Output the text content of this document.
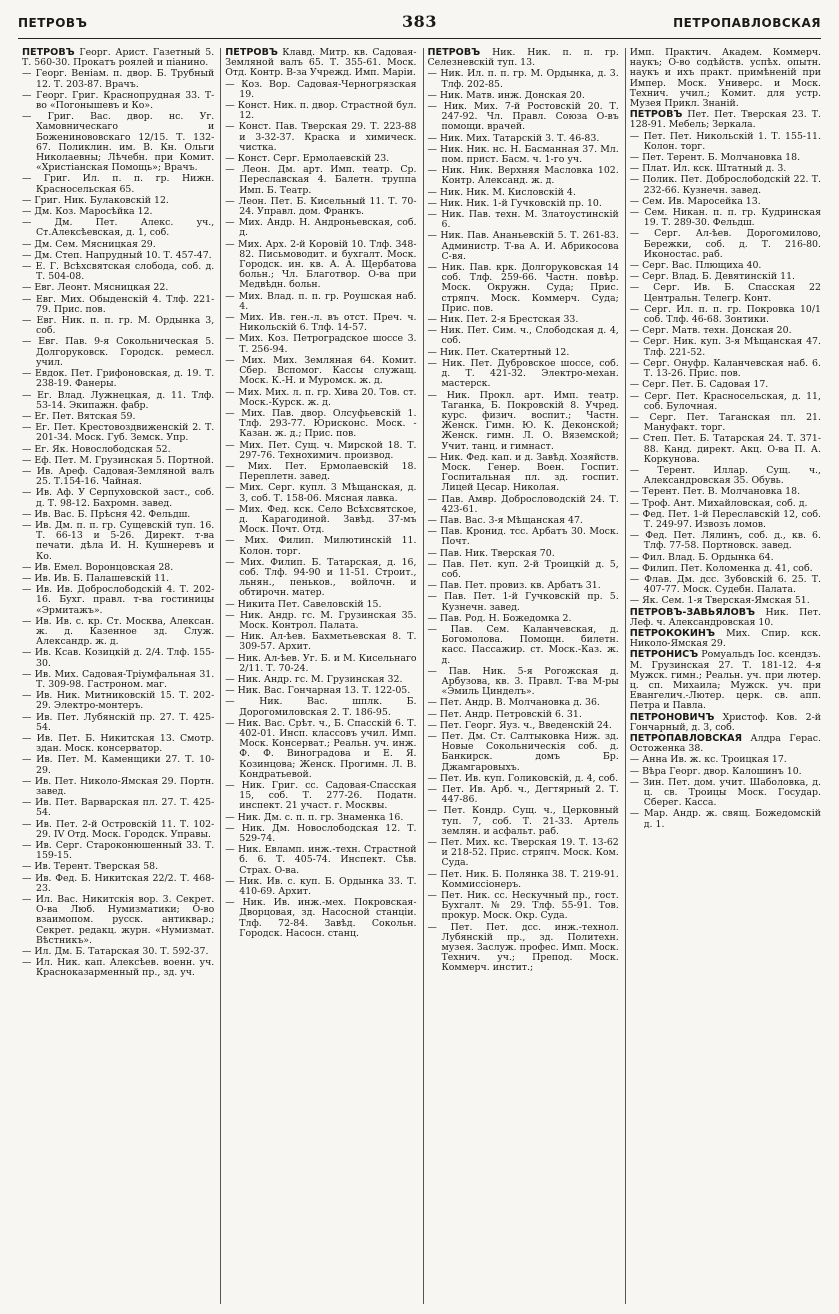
ПЕТРОВЪ	383	ПЕТРОПАВЛОВСКАЯ

ПЕТРОВЪ Георг. Арист. Газетный 5. Т. 560-30. Прокатъ роялей и піанино.

— Георг. Веніам. п. двор. Б. Трубный 12. Т. 203-87. Врачъ.

— Георг. Григ. Краснопрудная 33. Т-во «Погонышевъ и Ко».

— Григ. Вас. двор. нс. Уг. Хамовническаго и Боженинововскаго 12/15. Т. 132-67. Поликлин. им. В. Кн. Ольги Николаевны; Лѣчебн. при Комит. «Христіанская Помощь»; Врачъ.

— Григ. Ил. п. п. гр. Нижн. Красносельская 65.

— Григ. Ник. Булаковскій 12.

— Дм. Коз. Маросѣйка 12.

— Дм. Пет. Алекс. уч., Ст.Алексѣевская, д. 1, соб.

— Дм. Сем. Мясницкая 29.

— Дм. Степ. Напрудный 10. Т. 457-47.

— Е. Г. Всѣхсвятская слобода, соб. д. Т. 504-08.

— Евг. Леонт. Мясницкая 22.

— Евг. Мих. Обыденскій 4. Тлф. 221-79. Прис. пов.

— Евг. Ник. п. п. гр. М. Ордынка 3, соб.

— Евг. Пав. 9-я Сокольническая 5. Долгоруковск. Городск. ремесл. учил.

— Евдок. Пет. Грифоновская, д. 19. Т. 238-19. Фанеры.

— Ег. Влад. Лужнецкая, д. 11. Тлф. 53-14. Экипажн. фабр.

— Ег. Пет. Вятская 59.

— Ег. Пет. Крестовоздвиженскій 2. Т. 201-34. Моск. Губ. Земск. Упр.

— Ег. Як. Новослободская 52.

— Еф. Пет. М. Грузинская 5. Портной.

— Ив. Ареф. Садовая-Земляной валъ 25. Т.154-16. Чайная.

— Ив. Аф. У Серпуховской заст., соб. д. Т. 98-12. Бахромн. завед.

— Ив. Вас. Б. Прѣсня 42. Фельдш.

— Ив. Дм. п. п. гр. Сущевскій туп. 16. Т. 66-13 и 5-26. Директ. т-ва печати. дѣла И. Н. Кушнеревъ и Ко.

— Ив. Емел. Воронцовская 28.

— Ив. Ив. Б. Палашевскій 11.

— Ив. Ив. Доброслободскій 4. Т. 202-16. Бухг. правл. т-ва гостиницы «Эрмитажъ».

— Ив. Ив. с. кр. Ст. Москва, Алексан. ж. д. Казенное зд. Служ. Александр. ж. д.

— Ив. Ксав. Козицкій д. 2/4. Тлф. 155-30.

— Ив. Мих. Садовая-Тріумфальная 31. Т. 309-98. Гастроном. маг.

— Ив. Ник. Митниковскій 15. Т. 202-29. Электро-монтеръ.

— Ив. Пет. Лубянскій пр. 27. Т. 425-54.

— Ив. Пет. Б. Никитская 13. Смотр. здан. Моск. консерватор.

— Ив. Пет. М. Каменщики 27. Т. 10-29.

— Ив. Пет. Николо-Ямская 29. Портн. завед.

— Ив. Пет. Варварская пл. 27. Т. 425-54.

— Ив. Пет. 2-й Островскій 11. Т. 102-29. IV Отд. Моск. Городск. Управы.

— Ив. Серг. Староконюшенный 33. Т. 159-15.

— Ив. Терент. Тверская 58.

— Ив. Фед. Б. Никитская 22/2. Т. 468-23.

— Ил. Вас. Никитскія вор. 3. Секрет. О-ва Люб. Нумизматики; О-во взаимопом. русск. антиквар.; Секрет. редакц. журн. «Нумизмат. Вѣстникъ».

— Ил. Дм. Б. Татарская 30. Т. 592-37.

— Ил. Ник. кап. Алексѣев. военн. уч. Красноказарменный пр., зд. уч.

ПЕТРОВЪ Клавд. Митр. кв. Садовая-Земляной валъ 65. Т. 355-61. Моск. Отд. Контр. В-за Учрежд. Имп. Маріи.

— Коз. Вор. Садовая-Черногрязская 19.

— Конст. Ник. п. двор. Страстной бул. 12.

— Конст. Пав. Тверская 29. Т. 223-88 и 3-32-37. Краска и химическ. чистка.

— Конст. Серг. Ермолаевскій 23.

— Леон. Дм. арт. Имп. театр. Ср. Переславская 4. Балетн. труппа Имп. Б. Театр.

— Леон. Пет. Б. Кисельный 11. Т. 70-24. Управл. дом. Франкъ.

— Мих. Андр. Н. Андроньевская, соб. д.

— Мих. Арх. 2-й Коровій 10. Тлф. 348-82. Письмоводит. и бухгалт. Моск. Городск. ин. кв. А. А. Щербатова больн.; Чл. Благотвор. О-ва при Медвѣдн. больн.

— Мих. Влад. п. п. гр. Роушская наб. 4.

— Мих. Ив. ген.-л. въ отст. Преч. ч. Никольскій 6. Тлф. 14-57.

— Мих. Коз. Петроградское шоссе 3. Т. 256-94.

— Мих. Мих. Земляная 64. Комит. Сбер. Вспомог. Кассы служащ. Моск. К.-Н. и Муромск. ж. д.

— Мих. Мих. л. п. гр. Хива 20. Тов. ст. Моск.-Курск. ж. д.

— Мих. Пав. двор. Олсуфьевскій 1. Тлф. 293-77. Юрисконс. Моск. - Казан. ж. д.; Прис. пов.

— Мих. Пет. Сущ. ч. Мирской 18. Т. 297-76. Технохимич. производ.

— Мих. Пет. Ермолаевскій 18. Переплетн. завед.

— Мих. Серг. купл. 3 Мѣщанская, д. 3, соб. Т. 158-06. Мясная лавка.

— Мих. Фед. кск. Село Всѣхсвятское, д. Карагодиной. Завѣд. 37-мъ Моск. Почт. Отд.

— Мих. Филип. Милютинскій 11. Колон. торг.

— Мих. Филип. Б. Татарская, д. 16, соб. Тлф. 94-90 и 11-51. Строит., льнян., пеньков., войлочн. и обтирочн. матер.

— Никита Пет. Савеловскій 15.

— Ник. Андр. гс. М. Грузинская 35. Моск. Контрол. Палата.

— Ник. Ал-ѣев. Бахметьевская 8. Т. 309-57. Архит.

— Ник. Ал-ѣев. Уг. Б. и М. Кисельнаго 2/11. Т. 70-24.

— Ник. Андр. гс. М. Грузинская 32.

— Ник. Вас. Гончарная 13. Т. 122-05.

— Ник. Вас. шплк. Б. Дорогомиловская 2. Т. 186-95.

— Ник. Вас. Срѣт. ч., Б. Спасскій 6. Т. 402-01. Инсп. классовъ учил. Имп. Моск. Консерват.; Реальн. уч. инж. Ф. Ф. Виноградова и Е. Я. Козинцова; Женск. Прогимн. Л. В. Кондратьевой.

— Ник. Григ. сс. Садовая-Спасская 15, соб. Т. 277-26. Податн. инспект. 21 участ. г. Москвы.

— Ник. Дм. с. п. п. гр. Знаменка 16.

— Ник. Дм. Новослободская 12. Т. 529-74.

— Ник. Евламп. инж.-техн. Страстной б. 6. Т. 405-74. Инспект. Сѣв. Страх. О-ва.

— Ник. Ив. с. куп. Б. Ордынка 33. Т. 410-69. Архит.

— Ник. Ив. инж.-мех. Покровская-Дворцовая, зд. Насосной станціи. Тлф. 72-84. Завѣд. Сокольн. Городск. Насосн. станц.

ПЕТРОВЪ Ник. Ник. п. п. гр. Селезневскій туп. 13.

— Ник. Ил. п. п. гр. М. Ордынка, д. 3. Тлф. 202-85.

— Ник. Матв. инж. Донская 20.

— Ник. Мих. 7-й Ростовскій 20. Т. 247-92. Чл. Правл. Союза О-въ помощи. врачей.

— Ник. Мих. Татарскій 3. Т. 46-83.

— Ник. Ник. нс. Н. Басманная 37. Мл. пом. прист. Басм. ч. 1-го уч.

— Ник. Ник. Верхняя Масловка 102. Контр. Александ. ж. д.

— Ник. Ник. М. Кисловскій 4.

— Ник. Ник. 1-й Гучковскій пр. 10.

— Ник. Пав. техн. М. Златоустинскій 6.

— Ник. Пав. Ананьевскій 5. Т. 261-83. Администр. Т-ва А. И. Абрикосова С-вя.

— Ник. Пав. крк. Долгоруковская 14 соб. Тлф. 259-66. Частн. повѣр. Моск. Окружн. Суда; Прис. стряпч. Моск. Коммерч. Суда; Прис. пов.

— Ник. Пет. 2-я Брестская 33.

— Ник. Пет. Сим. ч., Слободская д. 4, соб.

— Ник. Пет. Скатертный 12.

— Ник. Пет. Дубровское шоссе, соб. д. Т. 421-32. Электро-механ. мастерск.

— Ник. Прокл. арт. Имп. театр. Таганка, Б. Покровскій 8. Учред. курс. физич. воспит.; Частн. Женск. Гимн. Ю. К. Деконской; Женск. гимн. Л. О. Вяземской; Учит. танц. и гимнаст.

— Ник. Фед. кап. и д. Завѣд. Хозяйств. Моск. Генер. Воен. Госпит. Госпитальная пл. зд. госпит. Лицей Цесар. Николая.

— Пав. Амвр. Добрословодскій 24. Т. 423-61.

— Пав. Вас. 3-я Мѣщанская 47.

— Пав. Кронид. тсс. Арбатъ 30. Моск. Почт.

— Пав. Ник. Тверская 70.

— Пав. Пет. куп. 2-й Троицкій д. 5, соб.

— Пав. Пет. провиз. кв. Арбатъ 31.

— Пав. Пет. 1-й Гучковскій пр. 5. Кузнечн. завед.

— Пав. Род. Н. Божедомка 2.

— Пав. Сем. Каланчевская, д. Богомолова. Помощн. билетн. касс. Пассажир. ст. Моск.-Каз. ж. д.

— Пав. Ник. 5-я Рогожская д. Арбузова, кв. 3. Правл. Т-ва М-ры «Эмиль Цинделъ».

— Пет. Андр. В. Молчановка д. 36.

— Пет. Андр. Петровскій 6. 31.

— Пет. Георг. Яуз. ч., Введенскій 24.

— Пет. Дм. Ст. Салтыковка Ниж. зд. Новые Сокольническія соб. д. Банкирск. домъ Бр. Джамгаровыхъ.

— Пет. Ив. куп. Голиковскій, д. 4, соб.

— Пет. Ив. Арб. ч., Дегтярный 2. Т. 447-86.

— Пет. Кондр. Сущ. ч., Церковный туп. 7, соб. Т. 21-33. Артель землян. и асфальт. раб.

— Пет. Мих. кс. Тверская 19. Т. 13-62 и 218-52. Прис. стряпч. Моск. Ком. Суда.

— Пет. Ник. Б. Полянка 38. Т. 219-91. Коммиссіонеръ.

— Пет. Ник. сс. Нескучный пр., гост. Бухгалт. № 29. Тлф. 55-91. Тов. прокур. Моск. Окр. Суда.

— Пет. Пет. дсс. инж.-технол. Лубянскій пр., зд. Политехн. музея. Заслуж. профес. Имп. Моск. Технич. уч.; Препод. Моск. Коммерч. инстит.;

Имп. Практич. Академ. Коммерч. наукъ; О-во содѣйств. успѣх. опытн. наукъ и ихъ практ. примѣненій при Импер. Моск. Универс. и Моск. Технич. учил.; Комит. для устр. Музея Прикл. Знаній.

ПЕТРОВЪ Пет. Пет. Тверская 23. Т. 128-91. Мебель; Зеркала.

— Пет. Пет. Никольскій 1. Т. 155-11. Колон. торг.

— Пет. Терент. Б. Молчановка 18.

— Плат. Ил. кск. Штатный д. 3.

— Полик. Пет. Доброслободскій 22. Т. 232-66. Кузнечн. завед.

— Сем. Ив. Маросейка 13.

— Сем. Никан. п. п. гр. Кудринская 19. Т. 289-30. Фельдш.

— Серг. Ал-ѣев. Дорогомилово, Бережки, соб. д. Т. 216-80. Иконостас. раб.

— Серг. Вас. Плющиха 40.

— Серг. Влад. Б. Девятинскій 11.

— Серг. Ив. Б. Спасская 22 Центральн. Телегр. Конт.

— Серг. Ил. п. п. гр. Покровка 10/1 соб. Тлф. 46-68. Зонтики.

— Серг. Матв. техн. Донская 20.

— Серг. Ник. куп. 3-я Мѣщанская 47. Тлф. 221-52.

— Серг. Онуфр. Каланчевская наб. 6. Т. 13-26. Прис. пов.

— Серг. Пет. Б. Садовая 17.

— Серг. Пет. Красносельская, д. 11, соб. Булочная.

— Серг. Пет. Таганская пл. 21. Мануфакт. торг.

— Степ. Пет. Б. Татарская 24. Т. 371-88. Канд. директ. Акц. О-ва П. А. Коркунова.

— Терент. Иллар. Сущ. ч., Александровская 35. Обувь.

— Терент. Пет. В. Молчановка 18.

— Троф. Ант. Михайловская, соб. д.

— Фед. Пет. 1-й Переславскій 12, соб. Т. 249-97. Извозъ ломов.

— Фед. Пет. Лялинъ, соб. д., кв. 6. Тлф. 77-58. Портновск. завед.

— Фил. Влад. Б. Ордынка 64.

— Филип. Пет. Коломенка д. 41, соб.

— Флав. Дм. дсс. Зубовскій 6. 25. Т. 407-77. Моск. Судебн. Палата.

— Як. Сем. 1-я Тверская-Ямская 51.

ПЕТРОВЪ-ЗАВЬЯЛОВЪ Ник. Пет. Леф. ч. Александровская 10.

ПЕТРОКОКИНЪ Мих. Спир. кск. Николо-Ямская 29.

ПЕТРОНИСЪ Ромуальдъ Іос. ксендзъ. М. Грузинская 27. Т. 181-12. 4-я Мужск. гимн.; Реальн. уч. при лютер. ц. сп. Михаила; Мужск. уч. при Евангелич.-Лютер. церк. св. апп. Петра и Павла.

ПЕТРОНОВИЧЪ Христоф. Ков. 2-й Гончарный, д. 3, соб.

ПЕТРОПАВЛОВСКАЯ Алдра Герас. Остоженка 38.

— Анна Ив. ж. кс. Троицкая 17.

— Вѣра Георг. двор. Калошинъ 10.

— Зин. Пет. дом. учит. Шаболовка, д. ц. св. Троицы Моск. Государ. Сберег. Касса.

— Мар. Андр. ж. свящ. Божедомскій д. 1.
